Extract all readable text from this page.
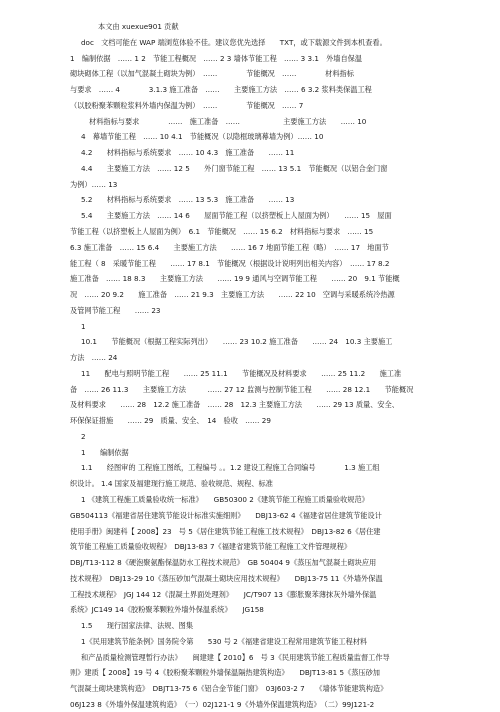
本文由 xuexue901 贡献
doc　文档可能在 WAP 端浏览体验不佳。建议您优先选择　　TXT，或下载源文件到本机查看。
1　编制依据　…… 1 2　节能工程概况　…… 2 3 墙体节能工程　…… 3 3.1　外墙自保温
砌块砌体工程（以加气混凝土砌块为例）　……　　　　节能概况　……　　　　材料指标
与要求　…… 4　　　　3.1.3 施工准备　……　　主要施工方法　…… 6 3.2 浆料类保温工程
（以胶粉聚苯颗粒浆料外墙内保温为例）　……　　　　节能概况　…… 7
材料指标与要求　　　　……　施工准备　……　　　　　　主要施工方法　　…… 10
4　幕墙节能工程　…… 10 4.1　节能概况（以隐框玻璃幕墙为例）…… 10
4.2　　材料指标与系统要求　…… 10 4.3　施工准备　　…… 11
4.4　　主要施工方法　…… 12 5　　外门窗节能工程　…… 13 5.1　节能概况（以铝合金门窗
为例）…… 13
5.2　　材料指标与系统要求　…… 13 5.3　施工准备　　…… 13
5.4　　主要施工方法　…… 14 6　　屋面节能工程（以挤塑板上人屋面为例）　　…… 15　屋面
节能工程（以挤塑板上人屋面为例）　6.1　节能概况　…… 15 6.2　材料指标与要求　…… 15
6.3 施工准备　…… 15 6.4　　主要施工方法　　…… 16 7 地面节能工程（略）　…… 17　地面节
能工程（ 8　采暖节能工程　　…… 17 8.1　节能概况（根据设计说明列出相关内容）　…… 17 8.2
施工准备　…… 18 8.3　　主要施工方法　　…… 19 9 通风与空调节能工程　　…… 20　9.1 节能概
况　…… 20 9.2　　施工准备　…… 21 9.3　主要施工方法　　…… 22 10　空调与采暖系统冷热源
及管网节能工程　　…… 23
1
10.1　　节能概况（根据工程实际列出）　　…… 23 10.2 施工准备　　…… 24　10.3 主要施工
方法　…… 24
11　　配电与照明节能工程　　…… 25 11.1　　节能概况及材料要求　　…… 25 11.2　　施工准
备　…… 26 11.3　　主要施工方法　　　…… 27 12 监测与控制节能工程　　…… 28 12.1　　节能概况
及材料要求　　…… 28　12.2 施工准备　…… 28　12.3 主要施工方法　　…… 29 13 质量、安全、
环保保证措施　　…… 29　质量、安全、　14　验收　…… 29
2
1　　编制依据
1.1　　经图审的 工程施工图纸，工程编号 。。1.2 建设工程施工合同编号　　　　1.3 施工组
织设计。 1.4 国家及福建现行施工规范、验收规范、规程、标准
1 《建筑工程施工质量验收统一标准》　　GB50300 2《建筑节能工程施工质量验收规范》
GB504113《福建省居住建筑节能设计标准实施细则》　　DBJ13-62 4《福建省居住建筑节能设计
使用手册》闽建科【 2008】23　号 5《居住建筑节能工程施工技术规程》　DBJ13-82 6《居住建
筑节能工程施工质量验收规程》　DBJ13-83 7《福建省建筑节能工程施工文件管理规程》
DBJ/T13-112 8《硬泡聚氨酯保温防水工程技术规范》　GB 50404 9《蒸压加气混凝土砌块应用
技术规程》　DBJ13-29 10《蒸压砂加气混凝土砌块应用技术规程》　　DBJ13-75 11《外墙外保温
工程技术规程》　JGJ 144 12《混凝土界面处理剂》　　JC/T907 13《膨胀聚苯薄抹灰外墙外保温
系统》JC149 14《胶粉聚苯颗粒外墙外保温系统》　　JG158
1.5　　现行国家法律、法规、图集
1《民用建筑节能条例》国务院令第　　530 号 2《福建省建设工程常用建筑节能工程材料
和产品质量检测管理暂行办法》　　闽建建【 2010】6　号 3《民用建筑节能工程质量监督工作导
则》建质【 2008】19 号 4《胶粉聚苯颗粒外墙保温隔热建筑构造》　　DBJT13-81 5《蒸压砂加
气混凝土砌块建筑构造》　DBJT13-75 6《铝合金节能门窗》　03J603-2 7　　《墙体节能建筑构造》
06J123 8《外墙外保温建筑构造》　（一）02J121-1 9《外墙外保温建筑构造》　（二）99J121-2
